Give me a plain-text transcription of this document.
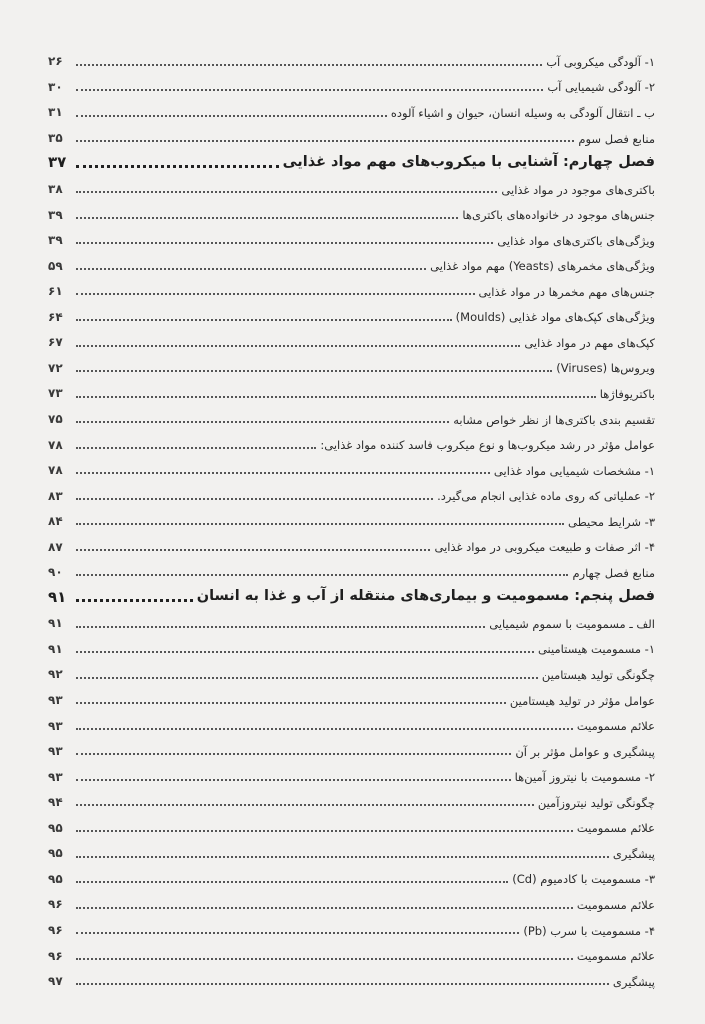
۱- آلودگی میکروبی آب
۲۶
۲- آلودگی شیمیایی آب
۳۰
ب ـ انتقال آلودگی به وسیله انسان، حیوان و اشیاء آلوده
۳۱
منابع فصل سوم
۳۵
فصل چهارم: آشنایی با میکروب‌های مهم مواد غذایی
۳۷
باکتری‌های موجود در مواد غذایی
۳۸
جنس‌های موجود در خانواده‌های باکتری‌ها
۳۹
ویژگی‌های باکتری‌های مواد غذایی
۳۹
ویژگی‌های مخمرهای (Yeasts) مهم مواد غذایی
۵۹
جنس‌های مهم مخمرها در مواد غذایی
۶۱
ویژگی‌های کپک‌های مواد غذایی (Moulds)
۶۴
کپک‌های مهم در مواد غذایی
۶۷
ویروس‌ها (Viruses)
۷۲
باکتریوفاژها
۷۳
تقسیم بندی باکتری‌ها از نظر خواص مشابه
۷۵
عوامل مؤثر در رشد میکروب‌ها و نوع میکروب فاسد کننده مواد غذایی:
۷۸
۱- مشخصات شیمیایی مواد غذایی
۷۸
۲- عملیاتی که روی ماده غذایی انجام می‌گیرد.
۸۳
۳- شرایط محیطی
۸۴
۴- اثر صفات و طبیعت میکروبی در مواد غذایی
۸۷
منابع فصل چهارم
۹۰
فصل پنجم: مسمومیت و بیماری‌های منتقله از آب و غذا به انسان
۹۱
الف ـ مسمومیت با سموم شیمیایی
۹۱
۱- مسمومیت هیستامینی
۹۱
چگونگی تولید هیستامین
۹۲
عوامل مؤثر در تولید هیستامین
۹۳
علائم مسمومیت
۹۳
پیشگیری و عوامل مؤثر بر آن
۹۳
۲- مسمومیت با نیتروز آمین‌ها
۹۳
چگونگی تولید نیتروزآمین
۹۴
علائم مسمومیت
۹۵
پیشگیری
۹۵
۳- مسمومیت با کادمیوم (Cd)
۹۵
علائم مسمومیت
۹۶
۴- مسمومیت با سرب (Pb)
۹۶
علائم مسمومیت
۹۶
پیشگیری
۹۷
